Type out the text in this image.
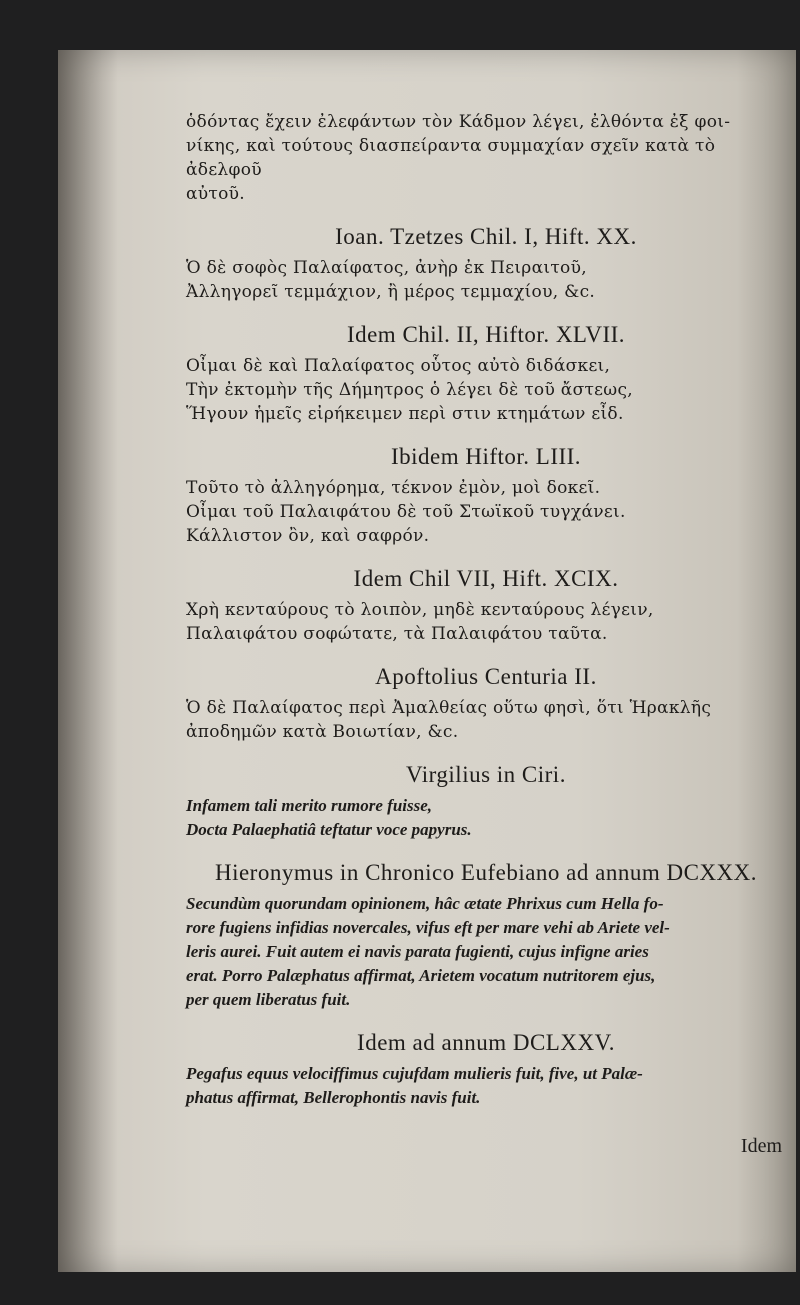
ὁδόντας ἔχειν ἐλεφάντων τὸν Κάδμον λέγει, ἐλθόντα ἐξ φοι-
νίκης, καὶ τούτους διασπείραντα συμμαχίαν σχεῖν κατὰ τὸ ἀδελφοῦ
αὐτοῦ.

Ioan. Tzetzes Chil. I, Hift. XX.

Ὁ δὲ σοφὸς Παλαίφατος, ἀνὴρ ἐκ Πειραιτοῦ,
Ἀλληγορεῖ τεμμάχιον, ἢ μέρος τεμμαχίου, &c.

Idem Chil. II, Hiftor. XLVII.

Οἶμαι δὲ καὶ Παλαίφατος οὗτος αὐτὸ διδάσκει,
Τὴν ἐκτομὴν τῆς Δήμητρος ὁ λέγει δὲ τοῦ ἄστεως,
Ἥγουν ἡμεῖς εἰρήκειμεν περὶ στιν κτημάτων εἶδ.

Ibidem Hiftor. LIII.

Τοῦτο τὸ ἀλληγόρημα, τέκνον ἐμὸν, μοὶ δοκεῖ.
Οἶμαι τοῦ Παλαιφάτου δὲ τοῦ Στωϊκοῦ τυγχάνει.
Κάλλιστον ὂν, καὶ σαφρόν.

Idem Chil VII, Hift. XCIX.

Χρὴ κενταύρους τὸ λοιπὸν, μηδὲ κενταύρους λέγειν,
Παλαιφάτου σοφώτατε, τὰ Παλαιφάτου ταῦτα.

Apoftolius Centuria II.

Ὁ δὲ Παλαίφατος περὶ Ἀμαλθείας οὕτω φησὶ, ὅτι Ἡρακλῆς
ἀποδημῶν κατὰ Βοιωτίαν, &c.

Virgilius in Ciri.

Infamem tali merito rumore fuisse,
Docta Palaephatiâ teftatur voce papyrus.

Hieronymus in Chronico Eufebiano ad annum DCXXX.

Secundùm quorundam opinionem, hâc ætate Phrixus cum Hella fo-
rore fugiens infidias novercales, vifus eft per mare vehi ab Ariete vel-
leris aurei. Fuit autem ei navis parata fugienti, cujus infigne aries
erat. Porro Palæphatus affirmat, Arietem vocatum nutritorem ejus,
per quem liberatus fuit.

Idem ad annum DCLXXV.

Pegafus equus velociffimus cujufdam mulieris fuit, five, ut Palæ-
phatus affirmat, Bellerophontis navis fuit.

Idem
